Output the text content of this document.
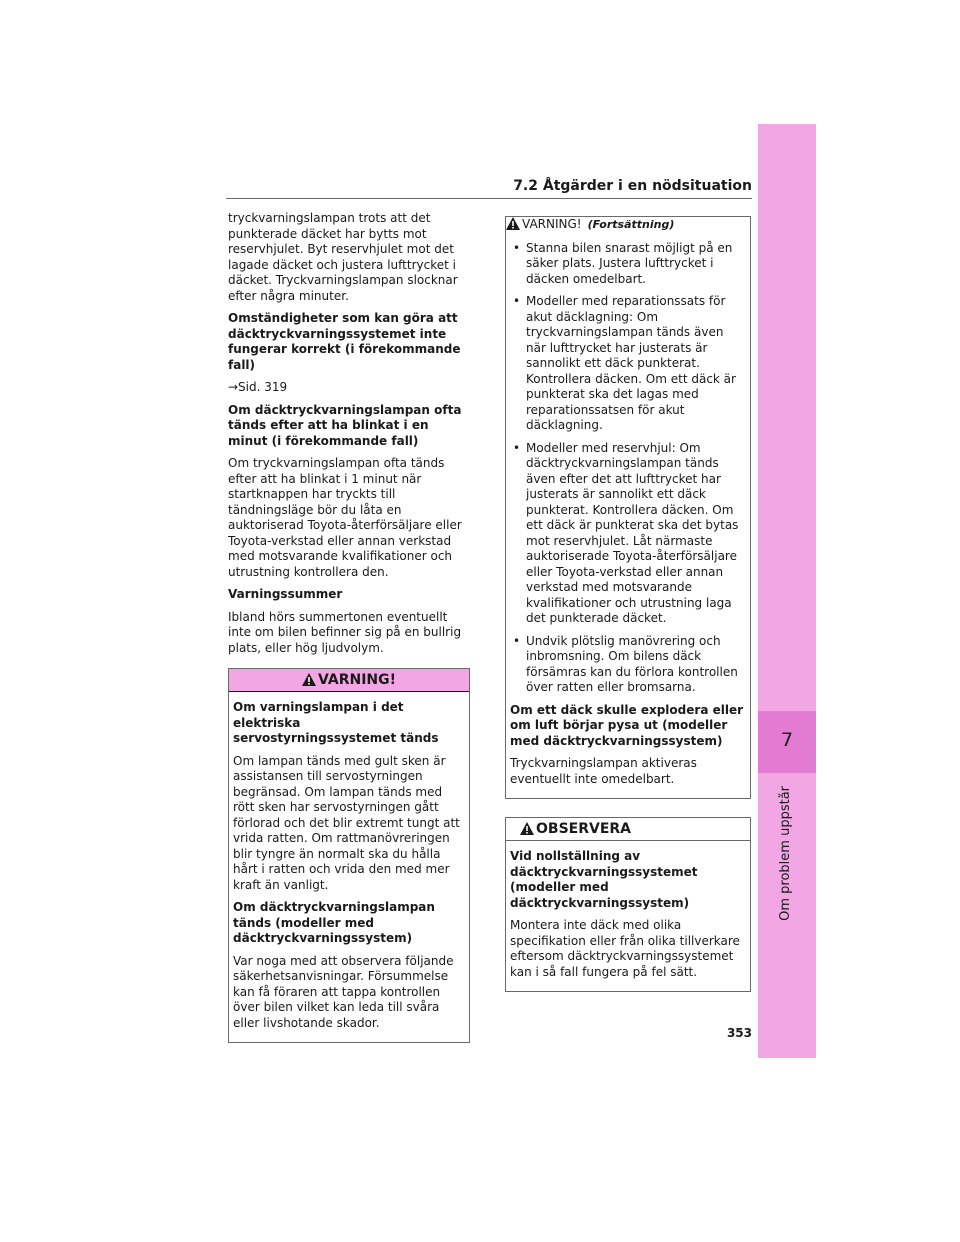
7.2 Åtgärder i en nödsituation
7
Om problem uppstår

tryckvarningslampan trots att det punkterade däcket har bytts mot reservhjulet. Byt reservhjulet mot det lagade däcket och justera lufttrycket i däcket. Tryckvarningslampan slocknar efter några minuter.

Omständigheter som kan göra att däcktryckvarningssystemet inte fungerar korrekt (i förekommande fall)

→Sid. 319

Om däcktryckvarningslampan ofta tänds efter att ha blinkat i en minut (i förekommande fall)

Om tryckvarningslampan ofta tänds efter att ha blinkat i 1 minut när startknappen har tryckts till tändningsläge bör du låta en auktoriserad Toyota-återförsäljare eller Toyota-verkstad eller annan verkstad med motsvarande kvalifikationer och utrustning kontrollera den.

Varningssummer

Ibland hörs summertonen eventuellt inte om bilen befinner sig på en bullrig plats, eller hög ljudvolym.

VARNING!

Om varningslampan i det elektriska servostyrningssystemet tänds

Om lampan tänds med gult sken är assistansen till servostyrningen begränsad. Om lampan tänds med rött sken har servostyrningen gått förlorad och det blir extremt tungt att vrida ratten. Om rattmanövreringen blir tyngre än normalt ska du hålla hårt i ratten och vrida den med mer kraft än vanligt.

Om däcktryckvarningslampan tänds (modeller med däcktryckvarningssystem)

Var noga med att observera följande säkerhetsanvisningar. Försummelse kan få föraren att tappa kontrollen över bilen vilket kan leda till svåra eller livshotande skador.

VARNING! (Fortsättning)
• Stanna bilen snarast möjligt på en säker plats. Justera lufttrycket i däcken omedelbart.
• Modeller med reparationssats för akut däcklagning: Om tryckvarningslampan tänds även när lufttrycket har justerats är sannolikt ett däck punkterat. Kontrollera däcken. Om ett däck är punkterat ska det lagas med reparationssatsen för akut däcklagning.
• Modeller med reservhjul: Om däcktryckvarningslampan tänds även efter det att lufttrycket har justerats är sannolikt ett däck punkterat. Kontrollera däcken. Om ett däck är punkterat ska det bytas mot reservhjulet. Låt närmaste auktoriserade Toyota-återförsäljare eller Toyota-verkstad eller annan verkstad med motsvarande kvalifikationer och utrustning laga det punkterade däcket.
• Undvik plötslig manövrering och inbromsning. Om bilens däck försämras kan du förlora kontrollen över ratten eller bromsarna.

Om ett däck skulle explodera eller om luft börjar pysa ut (modeller med däcktryckvarningssystem)

Tryckvarningslampan aktiveras eventuellt inte omedelbart.

OBSERVERA

Vid nollställning av däcktryckvarningssystemet (modeller med däcktryckvarningssystem)

Montera inte däck med olika specifikation eller från olika tillverkare eftersom däcktryckvarningssystemet kan i så fall fungera på fel sätt.

353
